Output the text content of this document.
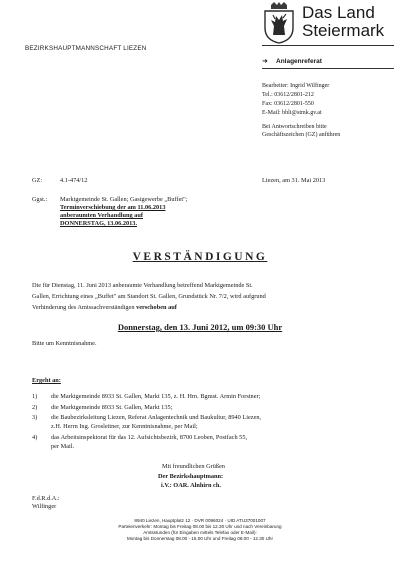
Das Land
Steiermark
BEZIRKSHAUPTMANNSCHAFT LIEZEN
➜ Anlagenreferat
Bearbeiter: Ingrid Wilfinger
Tel.: 03612/2801-212
Fax: 03612/2801-550
E-Mail: bhli@stmk.gv.at
Bei Antwortschreiben bitte
Geschäftszeichen (GZ) anführen
GZ:	4.1-474/12	Liezen, am 31. Mai 2013
Ggst.: Marktgemeinde St. Gallen; Gastgewerbe „Buffet";
Terminverschiebung der am 11.06.2013
anberaumten Verhandlung auf
DONNERSTAG, 13.06.2013.
VERSTÄNDIGUNG
Die für Dienstag, 11. Juni 2013 anberaumte Verhandlung betreffend Marktgemeinde St.
Gallen, Errichtung eines „Buffet" am Standort St. Gallen, Grundstück Nr. 7/2, wird aufgrund
Verhinderung des Amtssachverständigen verschoben auf
Donnerstag, den 13. Juni 2012, um 09:30 Uhr
Bitte um Kenntnisnahme.
Ergeht an:
1) die Marktgemeinde 8933 St. Gallen, Markt 135, z. H. Hrn. Bgmst. Armin Forstner;
2) die Marktgemeinde 8933 St. Gallen, Markt 135;
3) die Baubezirksleitung Liezen, Referat Anlagentechnik und Baukultur, 8940 Liezen,
z.H. Herrn Ing. Grosleitner, zur Kenntnisnahme, per Mail;
4) das Arbeitsinspektorat für das 12. Aufsichtsbezirk, 8700 Leoben, Postfach 55,
per Mail.
Mit freundlichen Grüßen
Der Bezirkshauptmann:
i.V.: OAR. Alnhirn ch.
F.d.R.d.A.:
Wilfinger
8940 Liezen, Hauptplatz 12 · DVR 0096024 · UID ATU37001007
Parteienverkehr: Montag bis Freitag 08.00 bis 12.30 Uhr und nach Vereinbarung
Amtsstunden (für Eingaben mittels Telefax oder E-Mail):
Montag bis Donnerstag 08.00 - 15.00 Uhr und Freitag 08.00 - 12.30 Uhr
